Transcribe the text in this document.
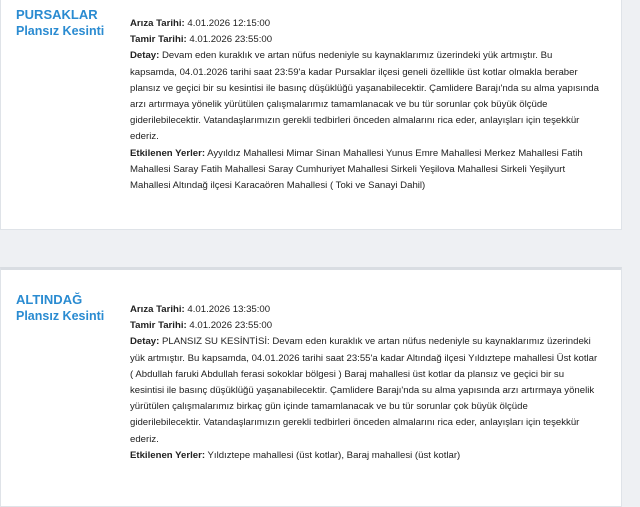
PURSAKLAR
Plansız Kesinti

Arıza Tarihi: 4.01.2026 12:15:00

Tamir Tarihi: 4.01.2026 23:55:00

Detay: Devam eden kuraklık ve artan nüfus nedeniyle su kaynaklarımız üzerindeki yük artmıştır. Bu kapsamda, 04.01.2026 tarihi saat 23:59'a kadar Pursaklar ilçesi geneli özellikle üst kotlar olmakla beraber plansız ve geçici bir su kesintisi ile basınç düşüklüğü yaşanabilecektir. Çamlidere Barajı'nda su alma yapısında arzı artırmaya yönelik yürütülen çalışmalarımız tamamlanacak ve bu tür sorunlar çok büyük ölçüde giderilebilecektir. Vatandaşlarımızın gerekli tedbirleri önceden almalarını rica eder, anlayışları için teşekkür ederiz.

Etkilenen Yerler: Ayyıldız Mahallesi Mimar Sinan Mahallesi Yunus Emre Mahallesi Merkez Mahallesi Fatih Mahallesi Saray Fatih Mahallesi Saray Cumhuriyet Mahallesi Sirkeli Yeşilova Mahallesi Sirkeli Yeşilyurt Mahallesi Altındağ ilçesi Karacaören Mahallesi ( Toki ve Sanayi Dahil)

ALTINDAĞ
Plansız Kesinti	Arıza Tarihi: 4.01.2026 13:35:00

Tamir Tarihi: 4.01.2026 23:55:00

Detay: PLANSIZ SU KESİNTİSİ: Devam eden kuraklık ve artan nüfus nedeniyle su kaynaklarımız üzerindeki yük artmıştır. Bu kapsamda, 04.01.2026 tarihi saat 23:55'a kadar Altındağ ilçesi Yıldıztepe mahallesi Üst kotlar ( Abdullah faruki Abdullah ferasi sokoklar bölgesi ) Baraj mahallesi üst kotlar da plansız ve geçici bir su kesintisi ile basınç düşüklüğü yaşanabilecektir. Çamlidere Barajı'nda su alma yapısında arzı artırmaya yönelik yürütülen çalışmalarımız birkaç gün içinde tamamlanacak ve bu tür sorunlar çok büyük ölçüde giderilebilecektir. Vatandaşlarımızın gerekli tedbirleri önceden almalarını rica eder, anlayışları için teşekkür ederiz.

Etkilenen Yerler: Yıldıztepe mahallesi (üst kotlar), Baraj mahallesi (üst kotlar)
